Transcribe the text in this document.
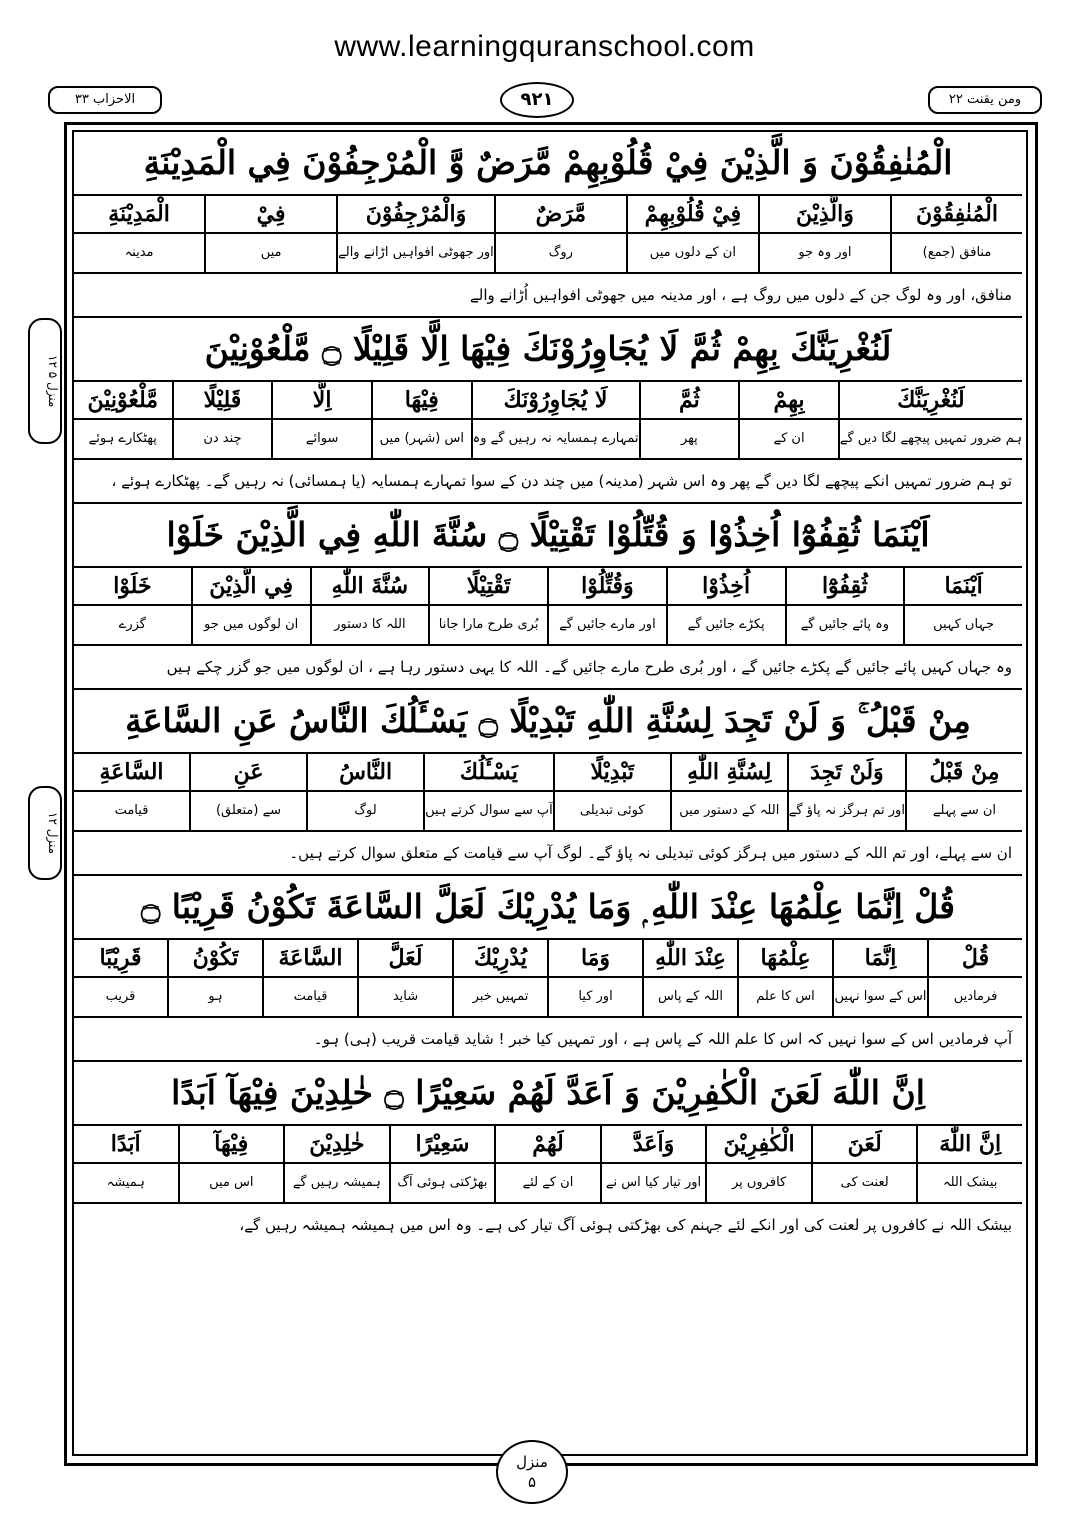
www.learningquranschool.com
الاحزاب ۳۳	۹۲۱	ومن يقنت ۲۲
منزل ۵ ۱۲
منزل ۱۲
الْمُنٰفِقُوْنَ وَ الَّذِيْنَ فِيْ قُلُوْبِهِمْ مَّرَضٌ وَّ الْمُرْجِفُوْنَ فِي الْمَدِيْنَةِ
الْمُنٰفِقُوْنَ
منافق (جمع)
وَالَّذِيْنَ
اور وہ جو
فِيْ قُلُوْبِهِمْ
ان کے دلوں میں
مَّرَضٌ
روگ
وَالْمُرْجِفُوْنَ
اور جھوٹی افواہیں اڑانے والے
فِيْ
میں
الْمَدِيْنَةِ
مدینہ
منافق، اور وہ لوگ جن کے دلوں میں روگ ہے ، اور مدینہ میں جھوٹی افواہیں اُڑانے والے
لَنُغْرِيَنَّكَ بِهِمْ ثُمَّ لَا يُجَاوِرُوْنَكَ فِيْهَا اِلَّا قَلِيْلًا ۝ مَّلْعُوْنِيْنَ
لَنُغْرِيَنَّكَ
ہم ضرور تمہیں پیچھے لگا دیں گے
بِهِمْ
ان کے
ثُمَّ
پھر
لَا يُجَاوِرُوْنَكَ
تمہارے ہمسایہ نہ رہیں گے وہ
فِيْهَا
اس (شہر) میں
اِلَّا
سوائے
قَلِيْلًا
چند دن
مَّلْعُوْنِيْنَ
پھٹکارے ہوئے
تو ہم ضرور تمہیں انکے پیچھے لگا دیں گے پھر وہ اس شہر (مدینہ) میں چند دن کے سوا تمہارے ہمسایہ (یا ہمسائی) نہ رہیں گے۔ پھٹکارے ہوئے ،
اَيْنَمَا ثُقِفُوْٓا اُخِذُوْا وَ قُتِّلُوْا تَقْتِيْلًا ۝ سُنَّةَ اللّٰهِ فِي الَّذِيْنَ خَلَوْا
اَيْنَمَا
جہاں کہیں
ثُقِفُوْٓا
وہ پائے جائیں گے
اُخِذُوْا
پکڑے جائیں گے
وَقُتِّلُوْا
اور مارے جائیں گے
تَقْتِيْلًا
بُری طرح مارا جانا
سُنَّةَ اللّٰهِ
اللہ کا دستور
فِي الَّذِيْنَ
ان لوگوں میں جو
خَلَوْا
گزرے
وہ جہاں کہیں پائے جائیں گے پکڑے جائیں گے ، اور بُری طرح مارے جائیں گے۔ اللہ کا یہی دستور رہا ہے ، ان لوگوں میں جو گزر چکے ہیں
مِنْ قَبْلُ ۚ وَ لَنْ تَجِدَ لِسُنَّةِ اللّٰهِ تَبْدِيْلًا ۝ يَسْـَٔلُكَ النَّاسُ عَنِ السَّاعَةِ
مِنْ قَبْلُ
ان سے پہلے
وَلَنْ تَجِدَ
اور تم ہرگز نہ پاؤ گے
لِسُنَّةِ اللّٰهِ
اللہ کے دستور میں
تَبْدِيْلًا
کوئی تبدیلی
يَسْـَٔلُكَ
آپ سے سوال کرتے ہیں
النَّاسُ
لوگ
عَنِ
سے (متعلق)
السَّاعَةِ
قیامت
ان سے پہلے، اور تم اللہ کے دستور میں ہرگز کوئی تبدیلی نہ پاؤ گے۔ لوگ آپ سے قیامت کے متعلق سوال کرتے ہیں۔
قُلْ اِنَّمَا عِلْمُهَا عِنْدَ اللّٰهِ ۭ وَمَا يُدْرِيْكَ لَعَلَّ السَّاعَةَ تَكُوْنُ قَرِيْبًا ۝
قُلْ
فرمادیں
اِنَّمَا
اس کے سوا نہیں
عِلْمُهَا
اس کا علم
عِنْدَ اللّٰهِ
اللہ کے پاس
وَمَا
اور کیا
يُدْرِيْكَ
تمہیں خبر
لَعَلَّ
شاید
السَّاعَةَ
قیامت
تَكُوْنُ
ہو
قَرِيْبًا
قریب
آپ فرمادیں اس کے سوا نہیں کہ اس کا علم اللہ کے پاس ہے ، اور تمہیں کیا خبر ! شاید قیامت قریب (ہی) ہو۔
اِنَّ اللّٰهَ لَعَنَ الْكٰفِرِيْنَ وَ اَعَدَّ لَهُمْ سَعِيْرًا ۝ خٰلِدِيْنَ فِيْهَآ اَبَدًا
اِنَّ اللّٰهَ
بیشک اللہ
لَعَنَ
لعنت کی
الْكٰفِرِيْنَ
کافروں پر
وَاَعَدَّ
اور تیار کیا اس نے
لَهُمْ
ان کے لئے
سَعِيْرًا
بھڑکتی ہوئی آگ
خٰلِدِيْنَ
ہمیشہ رہیں گے
فِيْهَآ
اس میں
اَبَدًا
ہمیشہ
بیشک اللہ نے کافروں پر لعنت کی اور انکے لئے جہنم کی بھڑکتی ہوئی آگ تیار کی ہے۔ وہ اس میں ہمیشہ ہمیشہ رہیں گے،
منزل
۵
